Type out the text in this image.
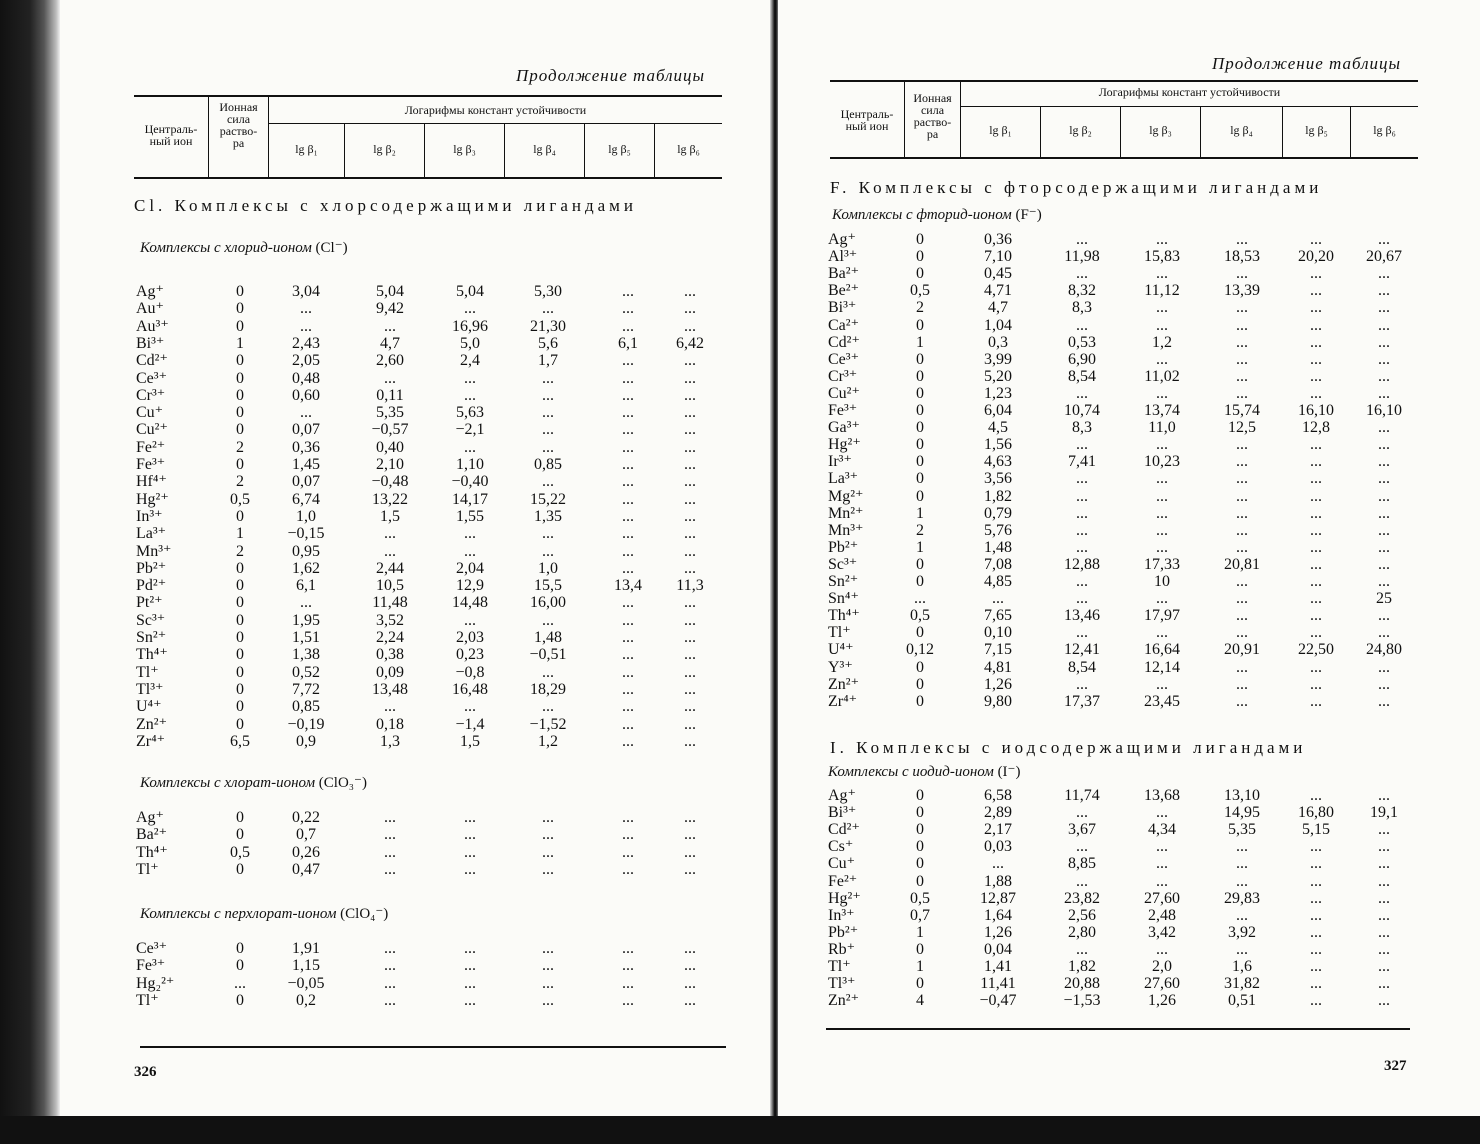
Продолжение таблицы
Централь-
ный ион
Ионная
сила
раство-
ра
Логарифмы констант устойчивости
lg β₁	lg β₂	lg β₃	lg β₄	lg β₅	lg β₆
Cl. Комплексы с хлорсодержащими лигандами
Комплексы с хлорид-ионом (Cl⁻)
Ag⁺	0	3,04	5,04	5,04	5,30	...	...
Au⁺	0	...	9,42	...	...	...	...
Au³⁺	0	...	...	16,96	21,30	...	...
Bi³⁺	1	2,43	4,7	5,0	5,6	6,1	6,42
Cd²⁺	0	2,05	2,60	2,4	1,7	...	...
Ce³⁺	0	0,48	...	...	...	...	...
Cr³⁺	0	0,60	0,11	...	...	...	...
Cu⁺	0	...	5,35	5,63	...	...	...
Cu²⁺	0	0,07	−0,57	−2,1	...	...	...
Fe²⁺	2	0,36	0,40	...	...	...	...
Fe³⁺	0	1,45	2,10	1,10	0,85	...	...
Hf⁴⁺	2	0,07	−0,48	−0,40	...	...	...
Hg²⁺	0,5	6,74	13,22	14,17	15,22	...	...
In³⁺	0	1,0	1,5	1,55	1,35	...	...
La³⁺	1	−0,15	...	...	...	...	...
Mn³⁺	2	0,95	...	...	...	...	...
Pb²⁺	0	1,62	2,44	2,04	1,0	...	...
Pd²⁺	0	6,1	10,5	12,9	15,5	13,4	11,3
Pt²⁺	0	...	11,48	14,48	16,00	...	...
Sc³⁺	0	1,95	3,52	...	...	...	...
Sn²⁺	0	1,51	2,24	2,03	1,48	...	...
Th⁴⁺	0	1,38	0,38	0,23	−0,51	...	...
Tl⁺	0	0,52	0,09	−0,8	...	...	...
Tl³⁺	0	7,72	13,48	16,48	18,29	...	...
U⁴⁺	0	0,85	...	...	...	...	...
Zn²⁺	0	−0,19	0,18	−1,4	−1,52	...	...
Zr⁴⁺	6,5	0,9	1,3	1,5	1,2	...	...
Комплексы с хлорат-ионом (ClO₃⁻)
Ag⁺	0	0,22	...	...	...	...	...
Ba²⁺	0	0,7	...	...	...	...	...
Th⁴⁺	0,5	0,26	...	...	...	...	...
Tl⁺	0	0,47	...	...	...	...	...
Комплексы с перхлорат-ионом (ClO₄⁻)
Ce³⁺	0	1,91	...	...	...	...	...
Fe³⁺	0	1,15	...	...	...	...	...
Hg₂²⁺	...	−0,05	...	...	...	...	...
Tl⁺	0	0,2	...	...	...	...	...
326
Продолжение таблицы
Централь-
ный ион
Ионная
сила
раство-
ра
Логарифмы констант устойчивости
lg β₁	lg β₂	lg β₃	lg β₄	lg β₅	lg β₆
F. Комплексы с фторсодержащими лигандами
Комплексы с фторид-ионом (F⁻)
Ag⁺	0	0,36	...	...	...	...	...
Al³⁺	0	7,10	11,98	15,83	18,53	20,20	20,67
Ba²⁺	0	0,45	...	...	...	...	...
Be²⁺	0,5	4,71	8,32	11,12	13,39	...	...
Bi³⁺	2	4,7	8,3	...	...	...	...
Ca²⁺	0	1,04	...	...	...	...	...
Cd²⁺	1	0,3	0,53	1,2	...	...	...
Ce³⁺	0	3,99	6,90	...	...	...	...
Cr³⁺	0	5,20	8,54	11,02	...	...	...
Cu²⁺	0	1,23	...	...	...	...	...
Fe³⁺	0	6,04	10,74	13,74	15,74	16,10	16,10
Ga³⁺	0	4,5	8,3	11,0	12,5	12,8	...
Hg²⁺	0	1,56	...	...	...	...	...
Ir³⁺	0	4,63	7,41	10,23	...	...	...
La³⁺	0	3,56	...	...	...	...	...
Mg²⁺	0	1,82	...	...	...	...	...
Mn²⁺	1	0,79	...	...	...	...	...
Mn³⁺	2	5,76	...	...	...	...	...
Pb²⁺	1	1,48	...	...	...	...	...
Sc³⁺	0	7,08	12,88	17,33	20,81	...	...
Sn²⁺	0	4,85	...	10	...	...	...
Sn⁴⁺	...	...	...	...	...	...	25
Th⁴⁺	0,5	7,65	13,46	17,97	...	...	...
Tl⁺	0	0,10	...	...	...	...	...
U⁴⁺	0,12	7,15	12,41	16,64	20,91	22,50	24,80
Y³⁺	0	4,81	8,54	12,14	...	...	...
Zn²⁺	0	1,26	...	...	...	...	...
Zr⁴⁺	0	9,80	17,37	23,45	...	...	...
I. Комплексы с иодсодержащими лигандами
Комплексы с иодид-ионом (I⁻)
Ag⁺	0	6,58	11,74	13,68	13,10	...	...
Bi³⁺	0	2,89	...	...	14,95	16,80	19,1
Cd²⁺	0	2,17	3,67	4,34	5,35	5,15	...
Cs⁺	0	0,03	...	...	...	...	...
Cu⁺	0	...	8,85	...	...	...	...
Fe²⁺	0	1,88	...	...	...	...	...
Hg²⁺	0,5	12,87	23,82	27,60	29,83	...	...
In³⁺	0,7	1,64	2,56	2,48	...	...	...
Pb²⁺	1	1,26	2,80	3,42	3,92	...	...
Rb⁺	0	0,04	...	...	...	...	...
Tl⁺	1	1,41	1,82	2,0	1,6	...	...
Tl³⁺	0	11,41	20,88	27,60	31,82	...	...
Zn²⁺	4	−0,47	−1,53	1,26	0,51	...	...
327
